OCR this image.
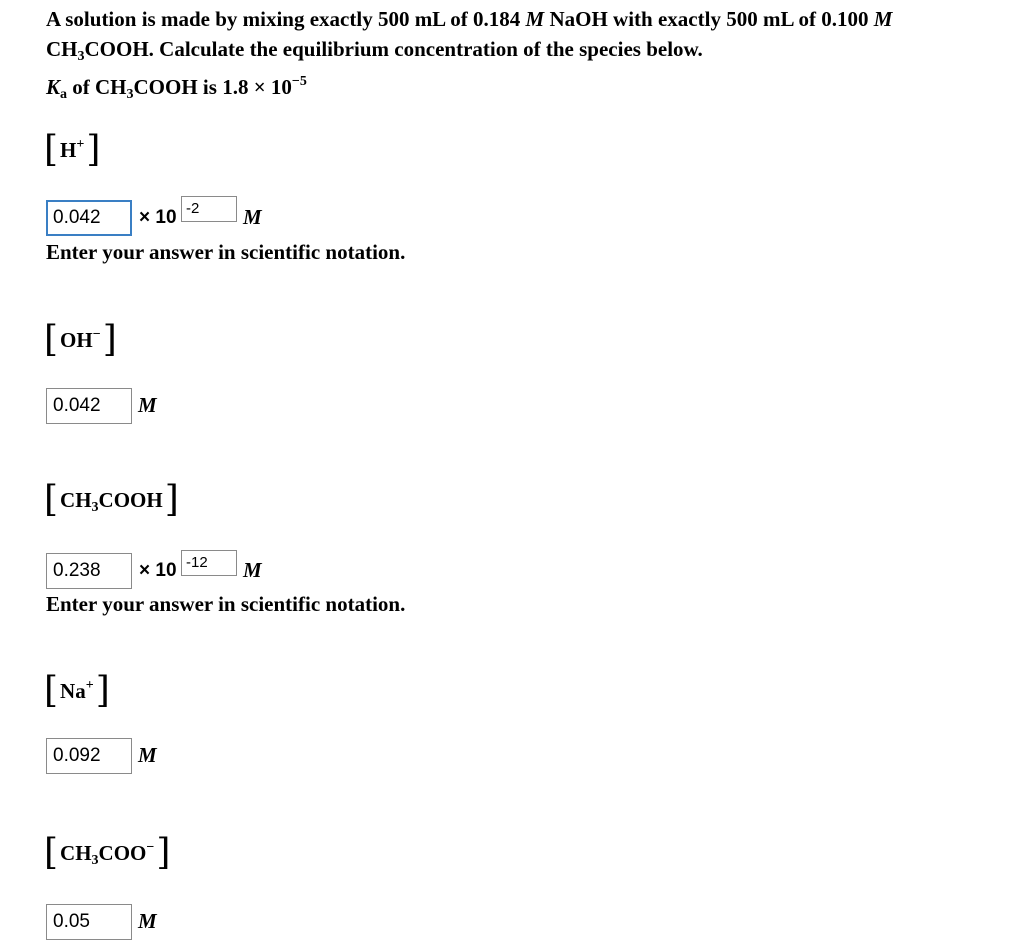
A solution is made by mixing exactly 500 mL of 0.184 M NaOH with exactly 500 mL of 0.100 M
$CH_3COOH$. Calculate the equilibrium concentration of the species below.
$K_a$ of $CH_3COOH$ is $1.8 \times 10^{-5}$
[ H+ ]
0.042	× 10 -2	M
Enter your answer in scientific notation.
[ OH− ]
0.042	M
[ $CH_3COOH$ ]
0.238	× 10 -12	M
Enter your answer in scientific notation.
[ Na+ ]
0.092	M
[ $CH_3COO^-$ ]
0.05	M
